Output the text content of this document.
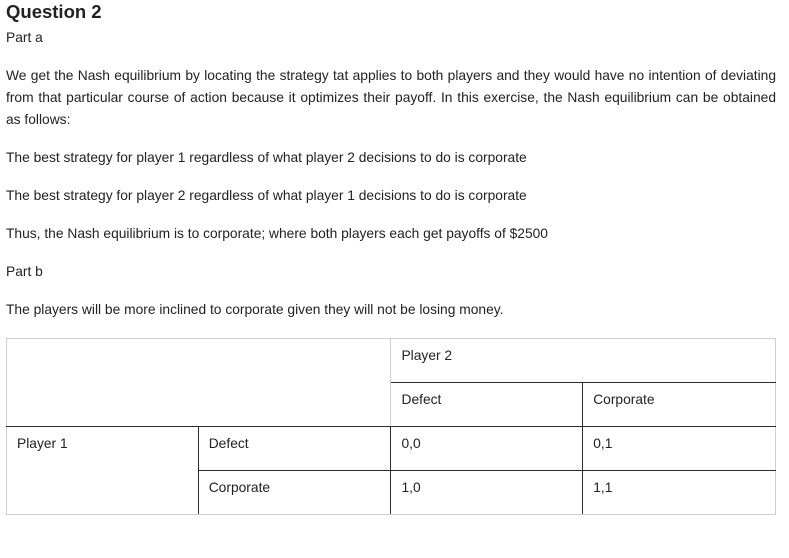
Question 2

Part a

We get the Nash equilibrium by locating the strategy tat applies to both players and they would have no intention of deviating from that particular course of action because it optimizes their payoff. In this exercise, the Nash equilibrium can be obtained as follows:

The best strategy for player 1 regardless of what player 2 decisions to do is corporate

The best strategy for player 2 regardless of what player 1 decisions to do is corporate

Thus, the Nash equilibrium is to corporate; where both players each get payoffs of $2500

Part b

The players will be more inclined to corporate given they will not be losing money.

		Player 2	
		Defect	Corporate
Player 1	Defect	0,0	0,1
	Corporate	1,0	1,1
